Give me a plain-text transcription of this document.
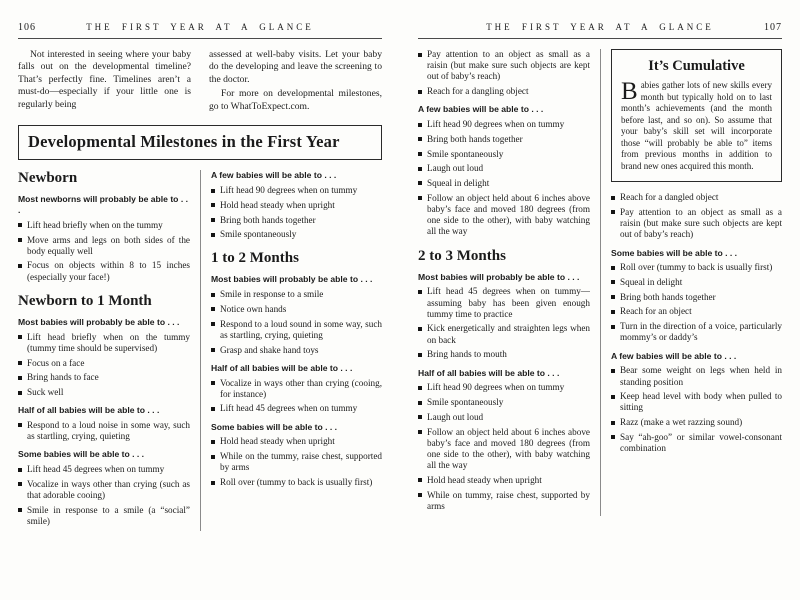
106	THE FIRST YEAR AT A GLANCE

Not interested in seeing where your baby falls out on the developmental timeline? That’s perfectly fine. Timelines aren’t a must-do—especially if your little one is regularly being

assessed at well-baby visits. Let your baby do the developing and leave the screening to the doctor.

For more on developmental milestones, go to WhatToExpect.com.

Developmental Milestones in the First Year
Newborn

Most newborns will probably be able to . . .

Lift head briefly when on the tummy
Move arms and legs on both sides of the body equally well
Focus on objects within 8 to 15 inches (especially your face!)
Newborn to 1 Month

Most babies will probably be able to . . .

Lift head briefly when on the tummy (tummy time should be supervised)
Focus on a face
Bring hands to face
Suck well

Half of all babies will be able to . . .

Respond to a loud noise in some way, such as startling, crying, quieting

Some babies will be able to . . .

Lift head 45 degrees when on tummy
Vocalize in ways other than crying (such as that adorable cooing)
Smile in response to a smile (a “social” smile)

A few babies will be able to . . .

Lift head 90 degrees when on tummy
Hold head steady when upright
Bring both hands together
Smile spontaneously
1 to 2 Months

Most babies will probably be able to . . .

Smile in response to a smile
Notice own hands
Respond to a loud sound in some way, such as startling, crying, quieting
Grasp and shake hand toys

Half of all babies will be able to . . .

Vocalize in ways other than crying (cooing, for instance)
Lift head 45 degrees when on tummy

Some babies will be able to . . .

Hold head steady when upright
While on the tummy, raise chest, supported by arms
Roll over (tummy to back is usually first)
THE FIRST YEAR AT A GLANCE	107
Pay attention to an object as small as a raisin (but make sure such objects are kept out of baby’s reach)
Reach for a dangling object

A few babies will be able to . . .

Lift head 90 degrees when on tummy
Bring both hands together
Smile spontaneously
Laugh out loud
Squeal in delight
Follow an object held about 6 inches above baby’s face and moved 180 degrees (from one side to the other), with baby watching all the way
2 to 3 Months

Most babies will probably be able to . . .

Lift head 45 degrees when on tummy—assuming baby has been given enough tummy time to practice
Kick energetically and straighten legs when on back
Bring hands to mouth

Half of all babies will be able to . . .

Lift head 90 degrees when on tummy
Smile spontaneously
Laugh out loud
Follow an object held about 6 inches above baby’s face and moved 180 degrees (from one side to the other), with baby watching all the way
Hold head steady when upright
While on tummy, raise chest, supported by arms
It’s Cumulative

Babies gather lots of new skills every month but typically hold on to last month’s achievements (and the month before last, and so on). So assume that your baby’s skill set will incorporate those “will probably be able to” items from previous months in addition to brand new ones acquired this month.

Reach for a dangled object
Pay attention to an object as small as a raisin (but make sure such objects are kept out of baby’s reach)

Some babies will be able to . . .

Roll over (tummy to back is usually first)
Squeal in delight
Bring both hands together
Reach for an object
Turn in the direction of a voice, particularly mommy’s or daddy’s

A few babies will be able to . . .

Bear some weight on legs when held in standing position
Keep head level with body when pulled to sitting
Razz (make a wet razzing sound)
Say “ah-goo” or similar vowel-consonant combination
